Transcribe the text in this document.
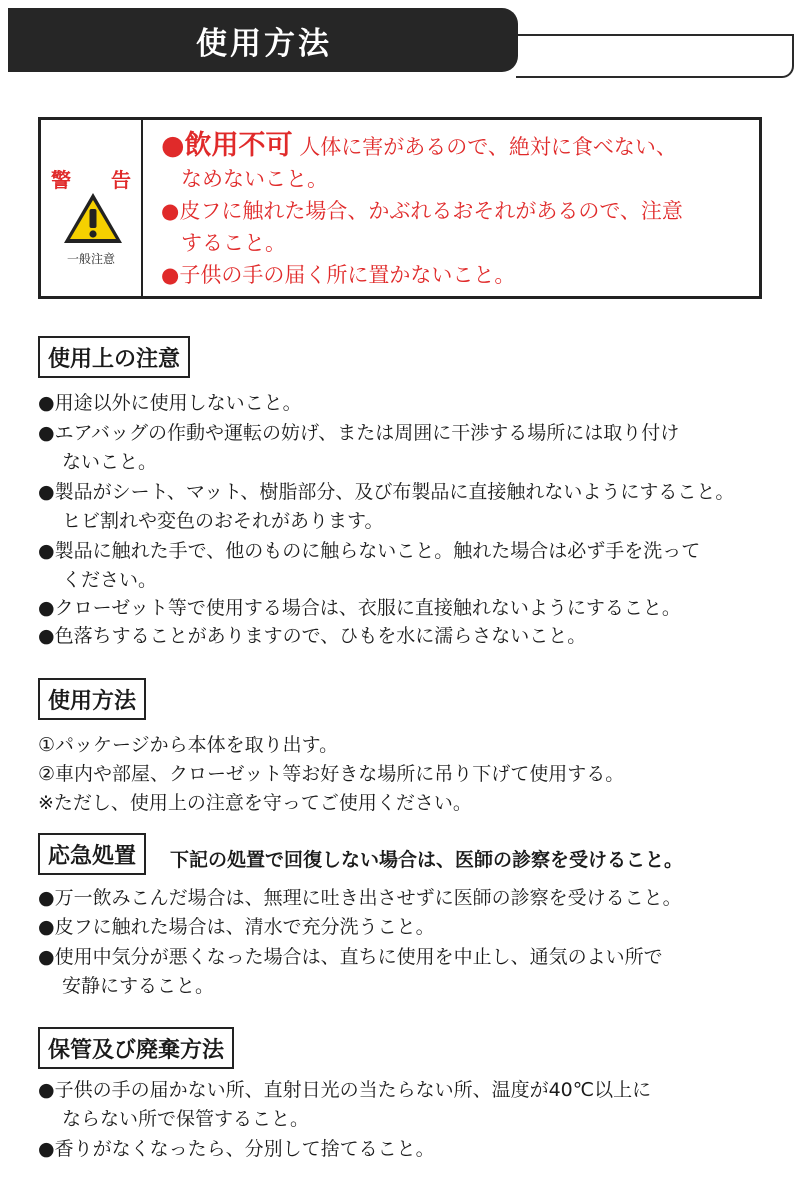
使用方法
警 告
一般注意
●飲用不可 人体に害があるので、絶対に食べない、
なめないこと。
●皮フに触れた場合、かぶれるおそれがあるので、注意
すること。
●子供の手の届く所に置かないこと。
使用上の注意
●用途以外に使用しないこと。
●エアバッグの作動や運転の妨げ、または周囲に干渉する場所には取り付け
ないこと。
●製品がシート、マット、樹脂部分、及び布製品に直接触れないようにすること。
ヒビ割れや変色のおそれがあります。
●製品に触れた手で、他のものに触らないこと。触れた場合は必ず手を洗って
ください。
●クローゼット等で使用する場合は、衣服に直接触れないようにすること。
●色落ちすることがありますので、ひもを水に濡らさないこと。
使用方法
①パッケージから本体を取り出す。
②車内や部屋、クローゼット等お好きな場所に吊り下げて使用する。
※ただし、使用上の注意を守ってご使用ください。
応急処置	下記の処置で回復しない場合は、医師の診察を受けること。
●万一飲みこんだ場合は、無理に吐き出させずに医師の診察を受けること。
●皮フに触れた場合は、清水で充分洗うこと。
●使用中気分が悪くなった場合は、直ちに使用を中止し、通気のよい所で
安静にすること。
保管及び廃棄方法
●子供の手の届かない所、直射日光の当たらない所、温度が40℃以上に
ならない所で保管すること。
●香りがなくなったら、分別して捨てること。
